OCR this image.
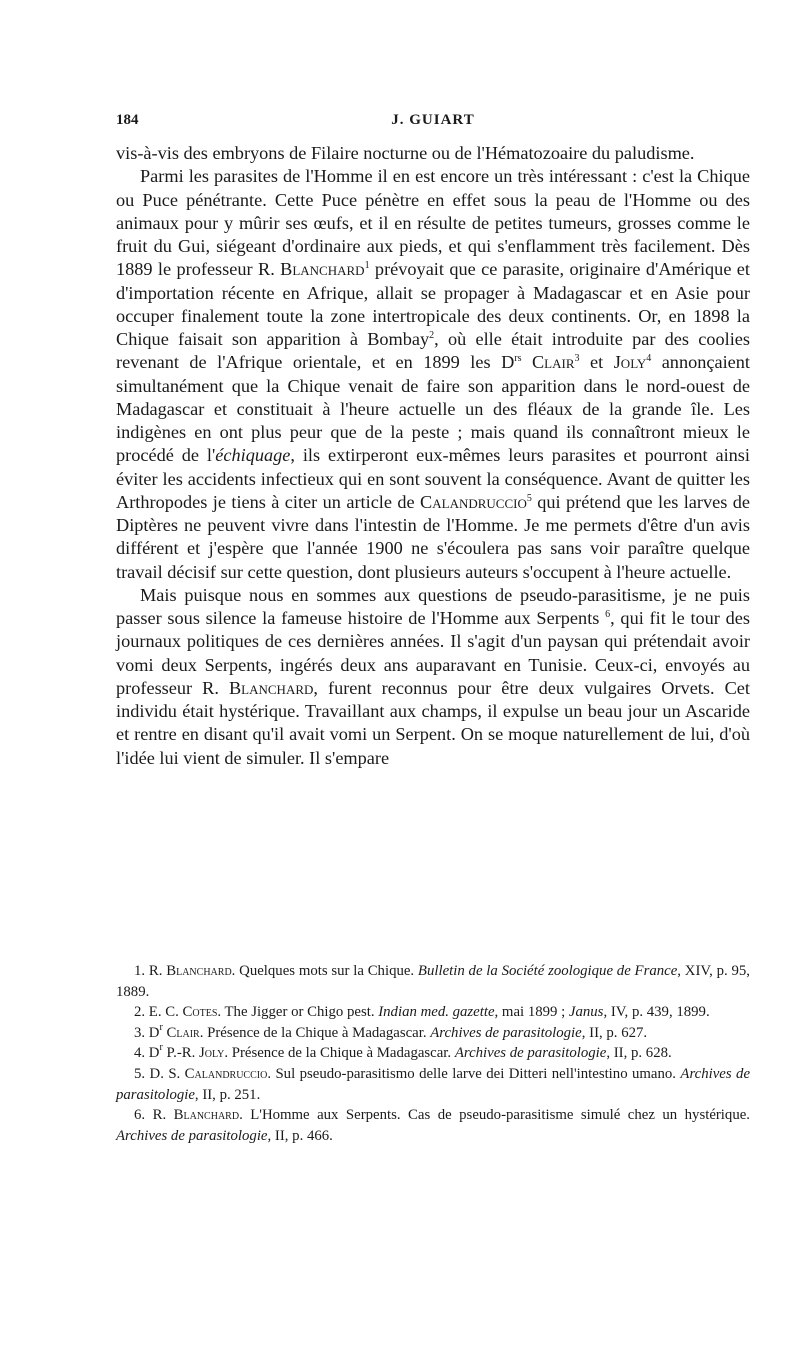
184	J. GUIART

vis-à-vis des embryons de Filaire nocturne ou de l'Hématozoaire du paludisme.

Parmi les parasites de l'Homme il en est encore un très intéressant : c'est la Chique ou Puce pénétrante. Cette Puce pénètre en effet sous la peau de l'Homme ou des animaux pour y mûrir ses œufs, et il en résulte de petites tumeurs, grosses comme le fruit du Gui, siégeant d'ordinaire aux pieds, et qui s'enflamment très facilement. Dès 1889 le professeur R. Blanchard$^1$ prévoyait que ce parasite, originaire d'Amérique et d'importation récente en Afrique, allait se propager à Madagascar et en Asie pour occuper finalement toute la zone intertropicale des deux continents. Or, en 1898 la Chique faisait son apparition à Bombay$^2$, où elle était introduite par des coolies revenant de l'Afrique orientale, et en 1899 les $D^{rs}$ Clair$^3$ et Joly$^4$ annonçaient simultanément que la Chique venait de faire son apparition dans le nord-ouest de Madagascar et constituait à l'heure actuelle un des fléaux de la grande île. Les indigènes en ont plus peur que de la peste ; mais quand ils connaîtront mieux le procédé de l'échiquage, ils extirperont eux-mêmes leurs parasites et pourront ainsi éviter les accidents infectieux qui en sont souvent la conséquence. Avant de quitter les Arthropodes je tiens à citer un article de Calandruccio$^5$ qui prétend que les larves de Diptères ne peuvent vivre dans l'intestin de l'Homme. Je me permets d'être d'un avis différent et j'espère que l'année 1900 ne s'écoulera pas sans voir paraître quelque travail décisif sur cette question, dont plusieurs auteurs s'occupent à l'heure actuelle.

Mais puisque nous en sommes aux questions de pseudo-parasitisme, je ne puis passer sous silence la fameuse histoire de l'Homme aux Serpents $^6$, qui fit le tour des journaux politiques de ces dernières années. Il s'agit d'un paysan qui prétendait avoir vomi deux Serpents, ingérés deux ans auparavant en Tunisie. Ceux-ci, envoyés au professeur R. Blanchard, furent reconnus pour être deux vulgaires Orvets. Cet individu était hystérique. Travaillant aux champs, il expulse un beau jour un Ascaride et rentre en disant qu'il avait vomi un Serpent. On se moque naturellement de lui, d'où l'idée lui vient de simuler. Il s'empare

1. R. Blanchard. Quelques mots sur la Chique. Bulletin de la Société zoologique de France, XIV, p. 95, 1889.

2. E. C. Cotes. The Jigger or Chigo pest. Indian med. gazette, mai 1899 ; Janus, IV, p. 439, 1899.

3. $D^r$ Clair. Présence de la Chique à Madagascar. Archives de parasitologie, II, p. 627.

4. $D^r$ P.-R. Joly. Présence de la Chique à Madagascar. Archives de parasitologie, II, p. 628.

5. D. S. Calandruccio. Sul pseudo-parasitismo delle larve dei Ditteri nell'intestino umano. Archives de parasitologie, II, p. 251.

6. R. Blanchard. L'Homme aux Serpents. Cas de pseudo-parasitisme simulé chez un hystérique. Archives de parasitologie, II, p. 466.
